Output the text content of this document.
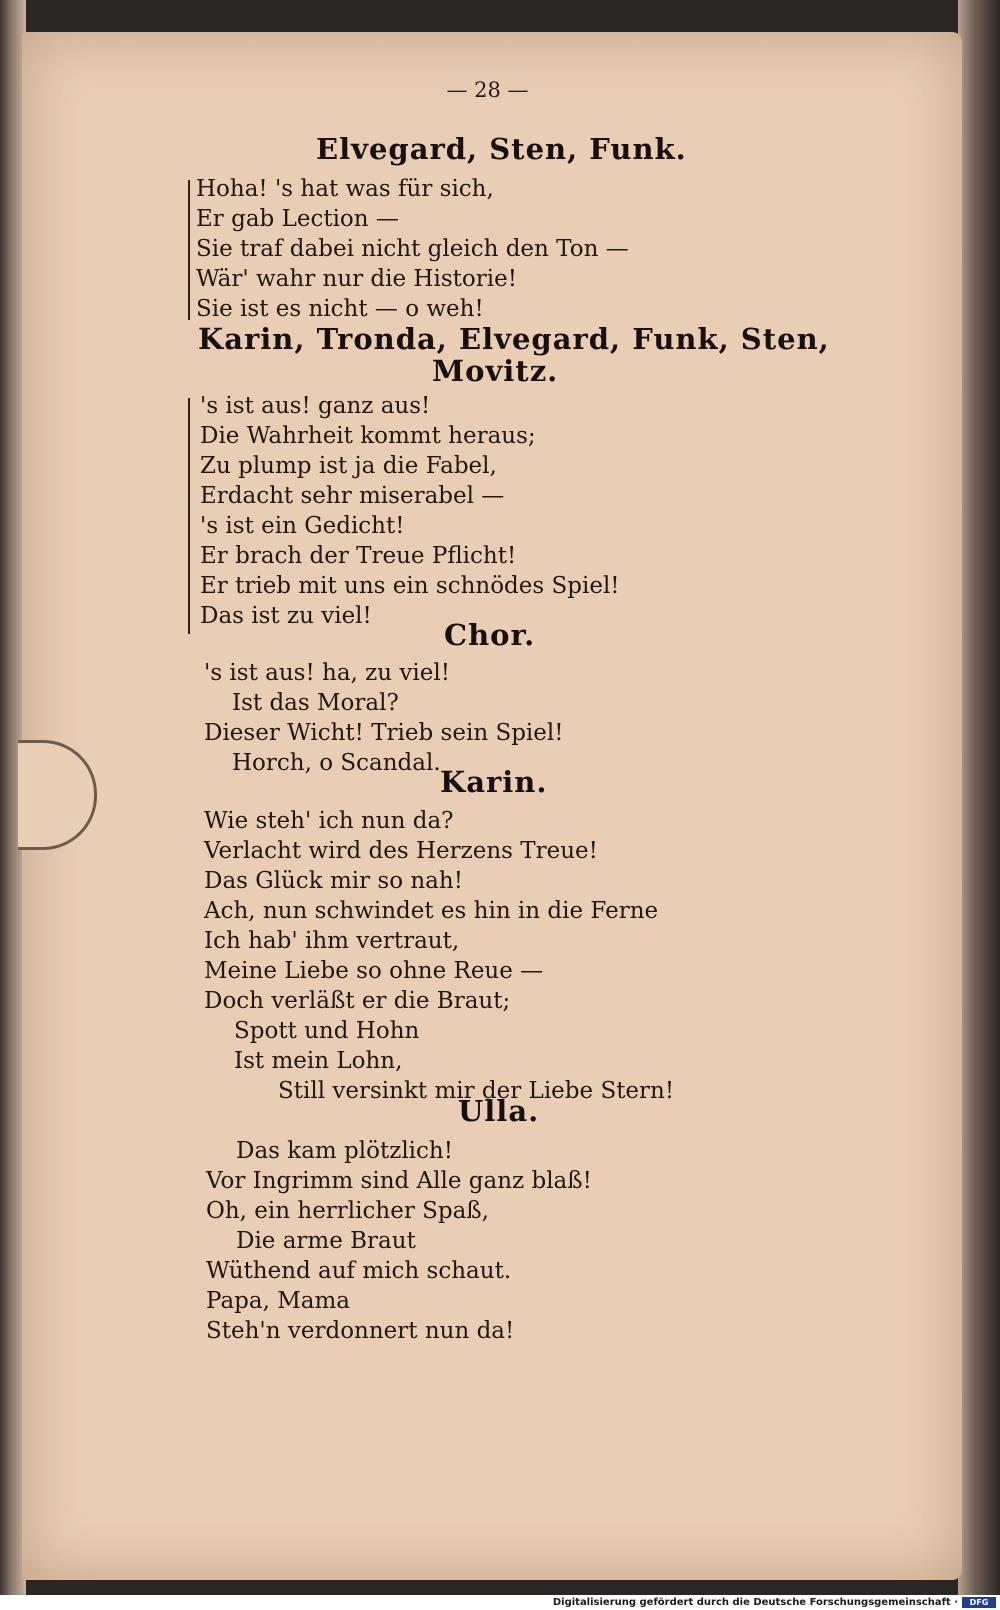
— 28 —
Elvegard, Sten, Funk.
Hoha! 's hat was für sich,
Er gab Lection —
Sie traf dabei nicht gleich den Ton —
Wär' wahr nur die Historie!
Sie ist es nicht — o weh!
Karin, Tronda, Elvegard, Funk, Sten,
Movitz.
's ist aus! ganz aus!
Die Wahrheit kommt heraus;
Zu plump ist ja die Fabel,
Erdacht sehr miserabel —
's ist ein Gedicht!
Er brach der Treue Pflicht!
Er trieb mit uns ein schnödes Spiel!
Das ist zu viel!
Chor.
's ist aus! ha, zu viel!
Ist das Moral?
Dieser Wicht! Trieb sein Spiel!
Horch, o Scandal.
Karin.
Wie steh' ich nun da?
Verlacht wird des Herzens Treue!
Das Glück mir so nah!
Ach, nun schwindet es hin in die Ferne
Ich hab' ihm vertraut,
Meine Liebe so ohne Reue —
Doch verläßt er die Braut;
Spott und Hohn
Ist mein Lohn,
Still versinkt mir der Liebe Stern!
Ulla.
Das kam plötzlich!
Vor Ingrimm sind Alle ganz blaß!
Oh, ein herrlicher Spaß,
Die arme Braut
Wüthend auf mich schaut.
Papa, Mama
Steh'n verdonnert nun da!
Digitalisierung gefördert durch die Deutsche Forschungsgemeinschaft ·	DFG
